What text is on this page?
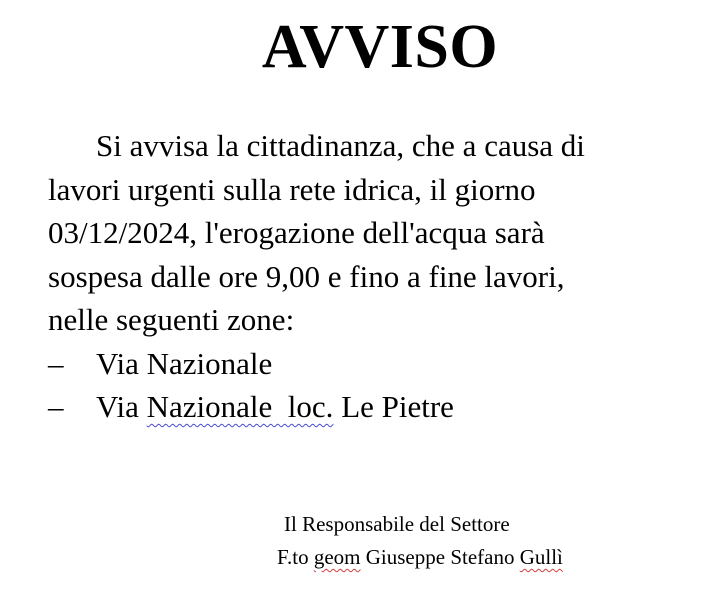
AVVISO
Si avvisa la cittadinanza, che a causa di
lavori urgenti sulla rete idrica, il giorno
03/12/2024, l'erogazione dell'acqua sarà
sospesa dalle ore 9,00 e fino a fine lavori,
nelle seguenti zone:
– Via Nazionale
– Via Nazionale  loc. Le Pietre
Il Responsabile del Settore
F.to geom Giuseppe Stefano Gullì
